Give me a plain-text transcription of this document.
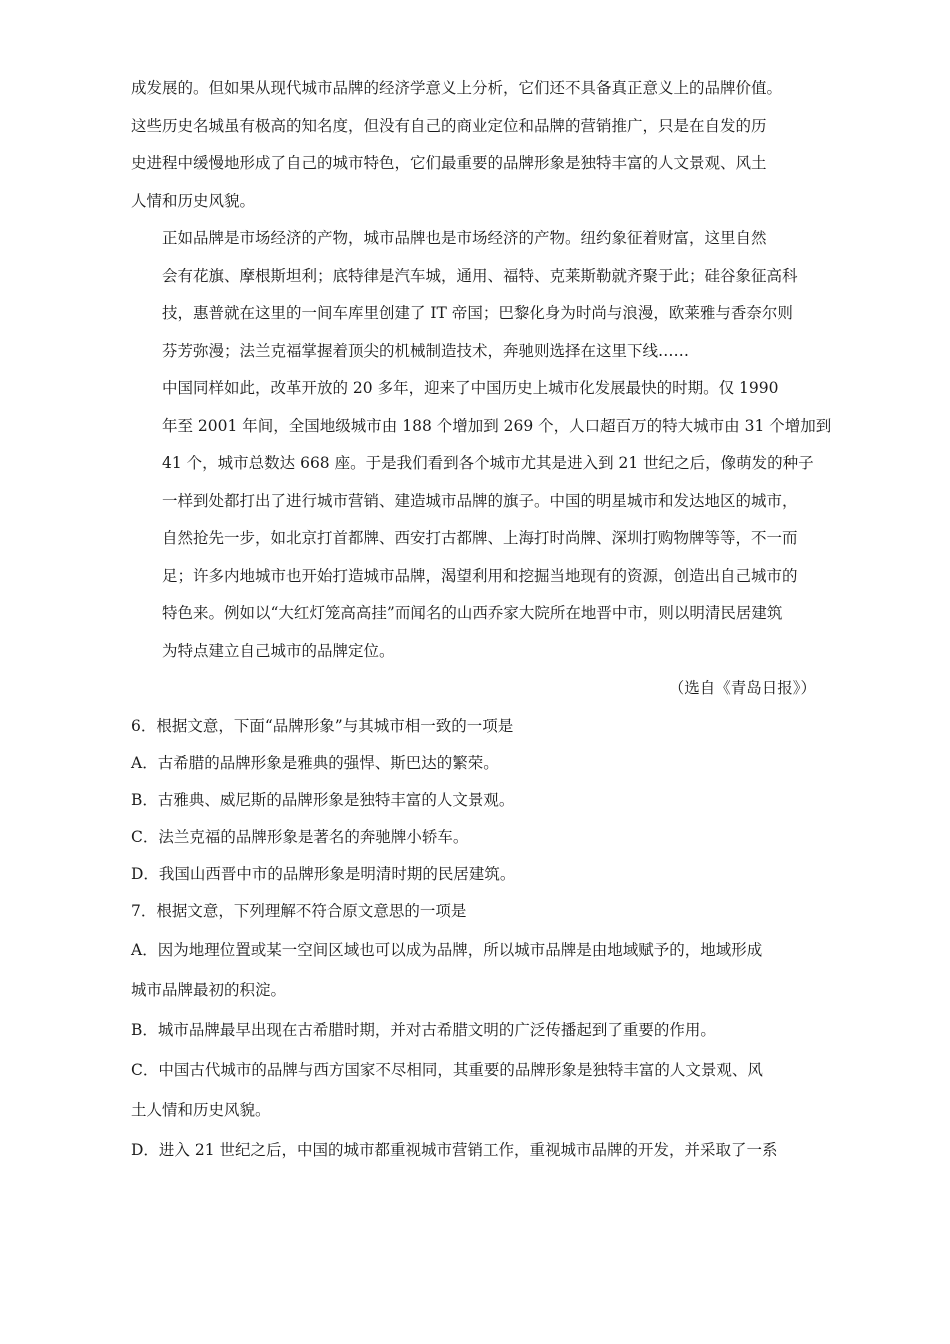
成发展的。但如果从现代城市品牌的经济学意义上分析，它们还不具备真正意义上的品牌价值。
这些历史名城虽有极高的知名度，但没有自己的商业定位和品牌的营销推广，只是在自发的历
史进程中缓慢地形成了自己的城市特色，它们最重要的品牌形象是独特丰富的人文景观、风土
人情和历史风貌。

正如品牌是市场经济的产物，城市品牌也是市场经济的产物。纽约象征着财富，这里自然

会有花旗、摩根斯坦利；底特律是汽车城，通用、福特、克莱斯勒就齐聚于此；硅谷象征高科
技，惠普就在这里的一间车库里创建了 IT 帝国；巴黎化身为时尚与浪漫，欧莱雅与香奈尔则
芬芳弥漫；法兰克福掌握着顶尖的机械制造技术，奔驰则选择在这里下线……

中国同样如此，改革开放的 20 多年，迎来了中国历史上城市化发展最快的时期。仅 1990

年至 2001 年间，全国地级城市由 188 个增加到 269 个，人口超百万的特大城市由 31 个增加到
41 个，城市总数达 668 座。于是我们看到各个城市尤其是进入到 21 世纪之后，像萌发的种子
一样到处都打出了进行城市营销、建造城市品牌的旗子。中国的明星城市和发达地区的城市，
自然抢先一步，如北京打首都牌、西安打古都牌、上海打时尚牌、深圳打购物牌等等，不一而
足；许多内地城市也开始打造城市品牌，渴望利用和挖掘当地现有的资源，创造出自己城市的
特色来。例如以“大红灯笼高高挂”而闻名的山西乔家大院所在地晋中市，则以明清民居建筑
为特点建立自己城市的品牌定位。

（选自《青岛日报》）

6．根据文意，下面“品牌形象”与其城市相一致的一项是

A．古希腊的品牌形象是雅典的强悍、斯巴达的繁荣。

B．古雅典、威尼斯的品牌形象是独特丰富的人文景观。

C．法兰克福的品牌形象是著名的奔驰牌小轿车。

D．我国山西晋中市的品牌形象是明清时期的民居建筑。

7．根据文意，下列理解不符合原文意思的一项是

A．因为地理位置或某一空间区域也可以成为品牌，所以城市品牌是由地域赋予的，地域形成

城市品牌最初的积淀。

B．城市品牌最早出现在古希腊时期，并对古希腊文明的广泛传播起到了重要的作用。

C．中国古代城市的品牌与西方国家不尽相同，其重要的品牌形象是独特丰富的人文景观、风

土人情和历史风貌。

D．进入 21 世纪之后，中国的城市都重视城市营销工作，重视城市品牌的开发，并采取了一系
